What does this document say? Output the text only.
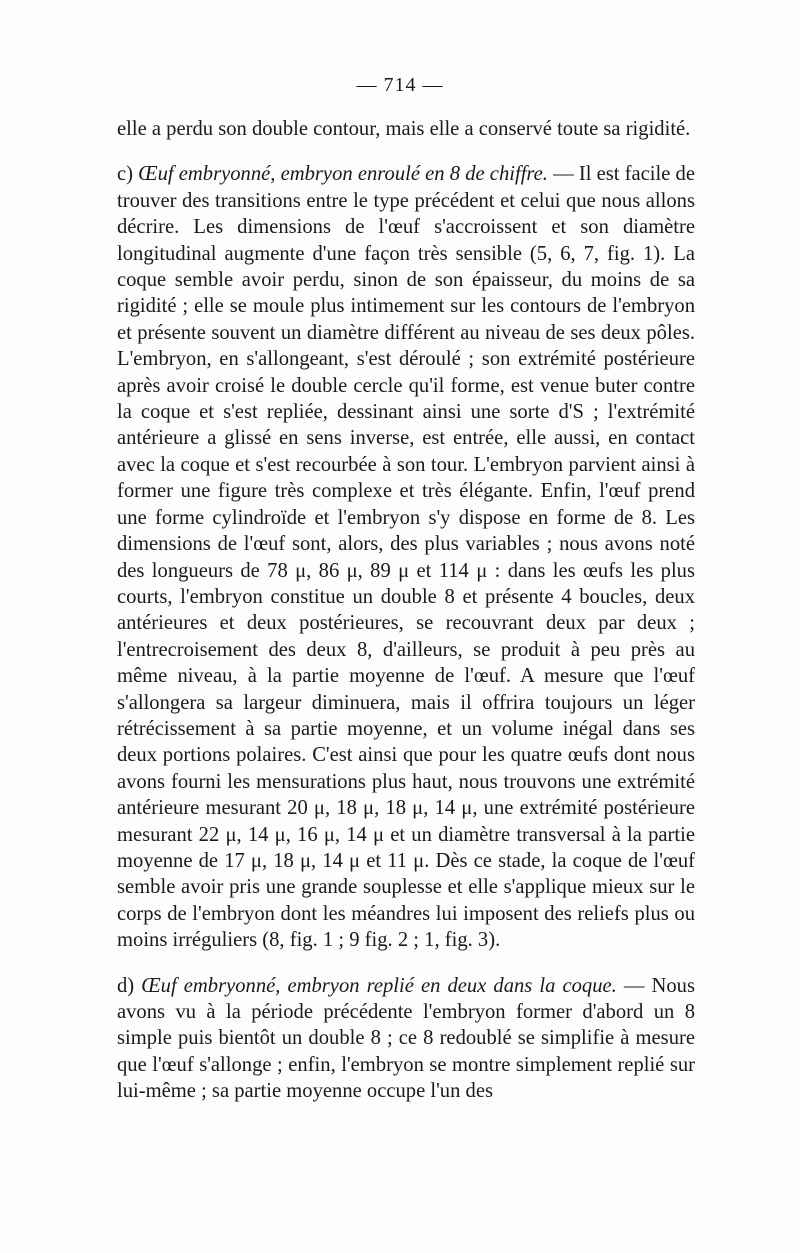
— 714 —

elle a perdu son double contour, mais elle a conservé toute sa rigidité.

c) Œuf embryonné, embryon enroulé en 8 de chiffre. — Il est facile de trouver des transitions entre le type précédent et celui que nous allons décrire. Les dimensions de l'œuf s'accroissent et son diamètre longitudinal augmente d'une façon très sensible (5, 6, 7, fig. 1). La coque semble avoir perdu, sinon de son épaisseur, du moins de sa rigidité ; elle se moule plus intimement sur les contours de l'embryon et présente souvent un diamètre différent au niveau de ses deux pôles. L'embryon, en s'allongeant, s'est déroulé ; son extrémité postérieure après avoir croisé le double cercle qu'il forme, est venue buter contre la coque et s'est repliée, dessinant ainsi une sorte d'S ; l'extrémité antérieure a glissé en sens inverse, est entrée, elle aussi, en contact avec la coque et s'est recourbée à son tour. L'embryon parvient ainsi à former une figure très complexe et très élégante. Enfin, l'œuf prend une forme cylindroïde et l'embryon s'y dispose en forme de 8. Les dimensions de l'œuf sont, alors, des plus variables ; nous avons noté des longueurs de 78 μ, 86 μ, 89 μ et 114 μ : dans les œufs les plus courts, l'embryon constitue un double 8 et présente 4 boucles, deux antérieures et deux postérieures, se recouvrant deux par deux ; l'entrecroisement des deux 8, d'ailleurs, se produit à peu près au même niveau, à la partie moyenne de l'œuf. A mesure que l'œuf s'allongera sa largeur diminuera, mais il offrira toujours un léger rétrécissement à sa partie moyenne, et un volume inégal dans ses deux portions polaires. C'est ainsi que pour les quatre œufs dont nous avons fourni les mensurations plus haut, nous trouvons une extrémité antérieure mesurant 20 μ, 18 μ, 18 μ, 14 μ, une extrémité postérieure mesurant 22 μ, 14 μ, 16 μ, 14 μ et un diamètre transversal à la partie moyenne de 17 μ, 18 μ, 14 μ et 11 μ. Dès ce stade, la coque de l'œuf semble avoir pris une grande souplesse et elle s'applique mieux sur le corps de l'embryon dont les méandres lui imposent des reliefs plus ou moins irréguliers (8, fig. 1 ; 9 fig. 2 ; 1, fig. 3).

d) Œuf embryonné, embryon replié en deux dans la coque. — Nous avons vu à la période précédente l'embryon former d'abord un 8 simple puis bientôt un double 8 ; ce 8 redoublé se simplifie à mesure que l'œuf s'allonge ; enfin, l'embryon se montre simplement replié sur lui-même ; sa partie moyenne occupe l'un des
